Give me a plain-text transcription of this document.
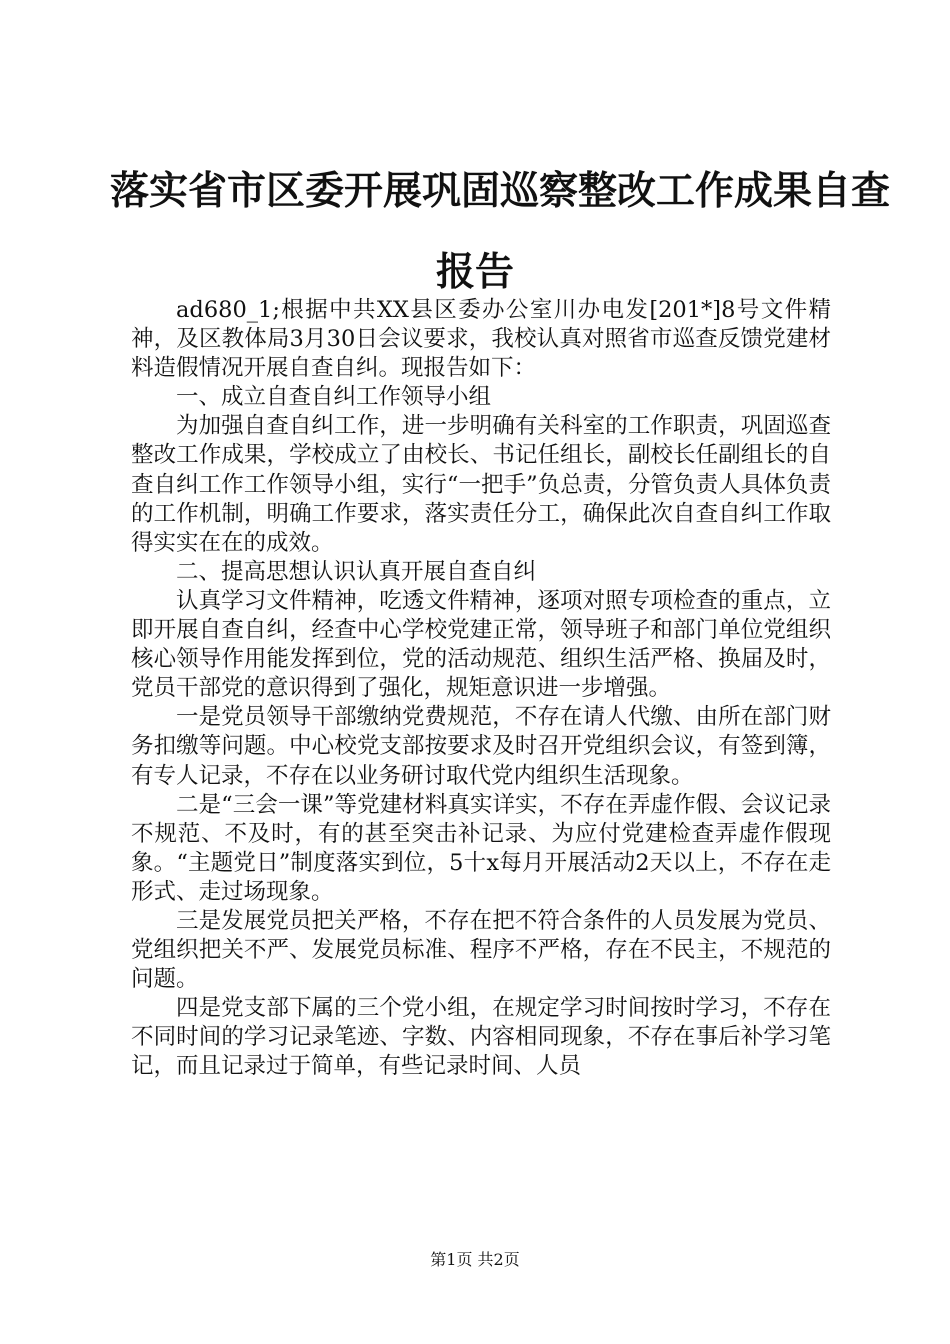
落实省市区委开展巩固巡察整改工作成果自查
报告

ad680_1;根据中共XX县区委办公室川办电发[201*]8号文件精神，及区教体局3月30日会议要求，我校认真对照省市巡查反馈党建材料造假情况开展自查自纠。现报告如下：

一、成立自查自纠工作领导小组

为加强自查自纠工作，进一步明确有关科室的工作职责，巩固巡查整改工作成果，学校成立了由校长、书记任组长，副校长任副组长的自查自纠工作工作领导小组，实行“一把手”负总责，分管负责人具体负责的工作机制，明确工作要求，落实责任分工，确保此次自查自纠工作取得实实在在的成效。

二、提高思想认识认真开展自查自纠

认真学习文件精神，吃透文件精神，逐项对照专项检查的重点，立即开展自查自纠，经查中心学校党建正常，领导班子和部门单位党组织核心领导作用能发挥到位，党的活动规范、组织生活严格、换届及时，党员干部党的意识得到了强化，规矩意识进一步增强。

一是党员领导干部缴纳党费规范，不存在请人代缴、由所在部门财务扣缴等问题。中心校党支部按要求及时召开党组织会议，有签到簿，有专人记录，不存在以业务研讨取代党内组织生活现象。

二是“三会一课”等党建材料真实详实，不存在弄虚作假、会议记录不规范、不及时，有的甚至突击补记录、为应付党建检查弄虚作假现象。“主题党日”制度落实到位，5十x每月开展活动2天以上，不存在走形式、走过场现象。

三是发展党员把关严格，不存在把不符合条件的人员发展为党员、党组织把关不严、发展党员标准、程序不严格，存在不民主，不规范的问题。

四是党支部下属的三个党小组，在规定学习时间按时学习，不存在不同时间的学习记录笔迹、字数、内容相同现象，不存在事后补学习笔记，而且记录过于简单，有些记录时间、人员

第1页 共2页
